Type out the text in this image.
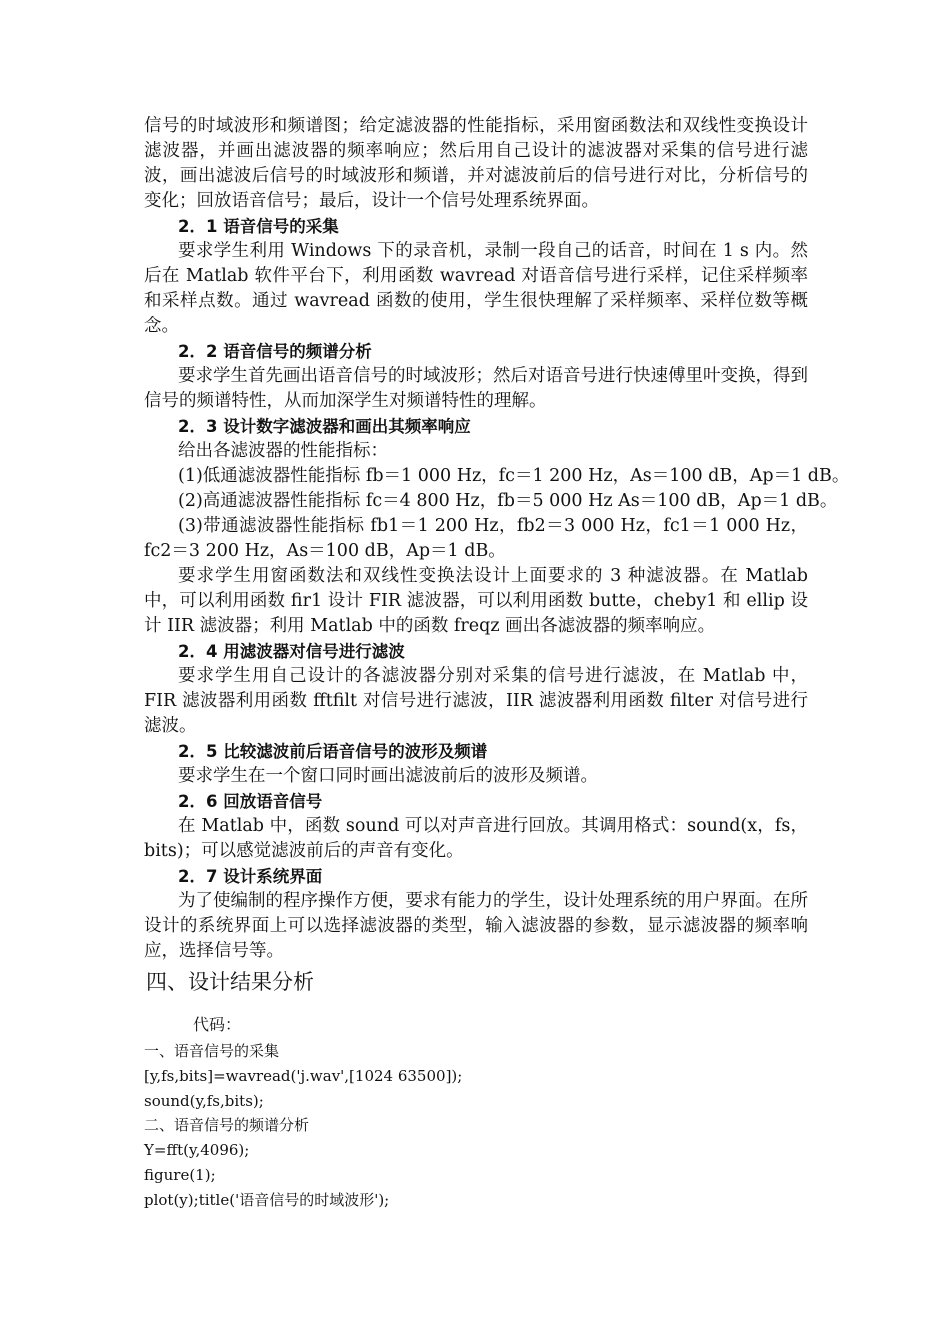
信号的时域波形和频谱图；给定滤波器的性能指标，采用窗函数法和双线性变换设计滤波器，并画出滤波器的频率响应；然后用自己设计的滤波器对采集的信号进行滤波，画出滤波后信号的时域波形和频谱，并对滤波前后的信号进行对比，分析信号的变化；回放语音信号；最后，设计一个信号处理系统界面。

2．1 语音信号的采集

要求学生利用 Windows 下的录音机，录制一段自己的话音，时间在 1 s 内。然后在 Matlab 软件平台下，利用函数 wavread 对语音信号进行采样，记住采样频率和采样点数。通过 wavread 函数的使用，学生很快理解了采样频率、采样位数等概念。

2．2 语音信号的频谱分析

要求学生首先画出语音信号的时域波形；然后对语音号进行快速傅里叶变换，得到信号的频谱特性，从而加深学生对频谱特性的理解。

2．3 设计数字滤波器和画出其频率响应

给出各滤波器的性能指标：

(1)低通滤波器性能指标 fb＝1 000 Hz，fc＝1 200 Hz，As＝100 dB，Ap＝1 dB。

(2)高通滤波器性能指标 fc＝4 800 Hz，fb＝5 000 Hz As＝100 dB，Ap＝1 dB。

(3)带通滤波器性能指标 fb1＝1 200 Hz，fb2＝3 000 Hz，fc1＝1 000 Hz，fc2＝3 200 Hz，As＝100 dB，Ap＝1 dB。

要求学生用窗函数法和双线性变换法设计上面要求的 3 种滤波器。在 Matlab 中，可以利用函数 fir1 设计 FIR 滤波器，可以利用函数 butte，cheby1 和 ellip 设计 IIR 滤波器；利用 Matlab 中的函数 freqz 画出各滤波器的频率响应。

2．4 用滤波器对信号进行滤波

要求学生用自己设计的各滤波器分别对采集的信号进行滤波，在 Matlab 中，FIR 滤波器利用函数 fftfilt 对信号进行滤波，IIR 滤波器利用函数 filter 对信号进行滤波。

2．5 比较滤波前后语音信号的波形及频谱

要求学生在一个窗口同时画出滤波前后的波形及频谱。

2．6 回放语音信号

在 Matlab 中，函数 sound 可以对声音进行回放。其调用格式：sound(x，fs，bits)；可以感觉滤波前后的声音有变化。

2．7 设计系统界面

为了使编制的程序操作方便，要求有能力的学生，设计处理系统的用户界面。在所设计的系统界面上可以选择滤波器的类型，输入滤波器的参数，显示滤波器的频率响应，选择信号等。

四、设计结果分析

代码：

一、语音信号的采集

[y,fs,bits]=wavread('j.wav',[1024 63500]);

sound(y,fs,bits);

二、语音信号的频谱分析

Y=fft(y,4096);

figure(1);

plot(y);title('语音信号的时域波形');
